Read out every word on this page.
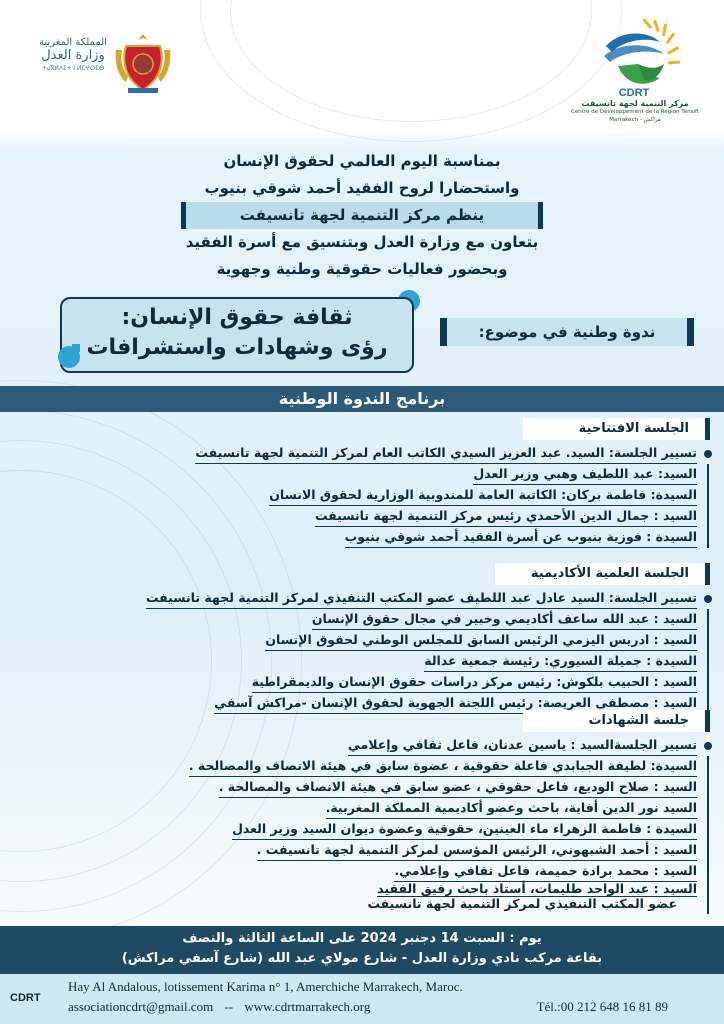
المملكة المغربية
وزارة العدل
ⵜⴰⴳⵍⴷⵉⵜ ⵏ ⵍⵎⵖⵔⵉⴱ
CDRT
مركز التنمية لجهة تانسيفت
Centre de Développement de la Région Tensift
Marrakech - مراكش
بمناسبة اليوم العالمي لحقوق الإنسان
واستحضارا لروح الفقيد أحمد شوقي بنيوب
ينظم مركز التنمية لجهة تانسيفت
بتعاون مع وزارة العدل وبتنسيق مع أسرة الفقيد
وبحضور فعاليات حقوقية وطنية وجهوية
ثقافة حقوق الإنسان:
رؤى وشهادات واستشرافات
ندوة وطنية في موضوع:
برنامج الندوة الوطنية
الجلسة الافتتاحية
تسيير الجلسة: السيد. عبد العزيز السيدي الكاتب العام لمركز التنمية لجهة تانسيفت
السيد: عبد اللطيف وهبي وزير العدل
السيدة: فاطمة بركان: الكاتبة العامة للمندوبية الوزارية لحقوق الانسان
السيد : جمال الدين الأحمدي رئيس مركز التنمية لجهة تانسيفت
السيدة : فوزية بنيوب عن أسرة الفقيد أحمد شوقي بنيوب
الجلسة العلمية الأكاديمية
تسيير الجلسة: السيد عادل عبد اللطيف عضو المكتب التنفيذي لمركز التنمية لجهة تانسيفت
السيد : عبد الله ساعف أكاديمي وخبير في مجال حقوق الإنسان
السيد : ادريس اليزمي الرئيس السابق للمجلس الوطني لحقوق الإنسان
السيدة : جميلة السيوري: رئيسة جمعية عدالة
السيد : الحبيب بلكوش: رئيس مركز دراسات حقوق الإنسان والديمقراطية
السيد : مصطفى العريصة: رئيس اللجنة الجهوية لحقوق الإنسان -مراكش آسفي
جلسة الشهادات
تسيير الجلسةالسيد : ياسين عدنان، فاعل ثقافي وإعلامي
السيدة: لطيفة الجبابدي فاعلة حقوقية ، عضوة سابق في هيئة الانصاف والمصالحة .
السيد : صلاح الوديع، فاعل حقوقي ، عضو سابق في هيئة الانصاف والمصالحة .
السيد نور الدين أفاية، باحث وعضو أكاديمية المملكة المغربية.
السيدة : فاطمة الزهراء ماء العينين، حقوقية وعضوة ديوان السيد وزير العدل
السيد : أحمد الشبهوني، الرئيس المؤسس لمركز التنمية لجهة تانسيفت .
السيد : محمد برادة حميمة، فاعل ثقافي وإعلامي.
السيد : عبد الواحد طليمات، أستاذ باحث رفيق الفقيد
عضو المكتب التنفيذي لمركز التنمية لجهة تانسيفت
يوم : السبت 14 دجنبر 2024 على الساعة الثالثة والنصف
بقاعة مركب نادي وزارة العدل - شارع مولاي عبد الله (شارع آسفي مراكش)
CDRT
Hay Al Andalous, lotissement Karima n° 1, Amerchiche Marrakech, Maroc.
associationcdrt@gmail.com -- www.cdrtmarrakech.org	Tél.:00 212 648 16 81 89
